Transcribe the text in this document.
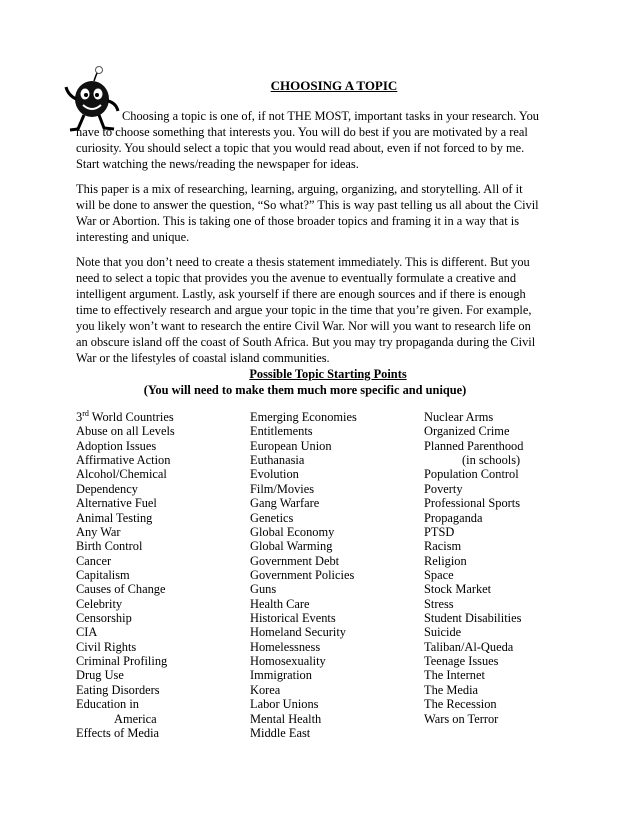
CHOOSING A TOPIC

Choosing a topic is one of, if not THE MOST, important tasks in your research. You have to choose something that interests you. You will do best if you are motivated by a real curiosity. You should select a topic that you would read about, even if not forced to by me. Start watching the news/reading the newspaper for ideas.

This paper is a mix of researching, learning, arguing, organizing, and storytelling. All of it will be done to answer the question, “So what?” This is way past telling us all about the Civil War or Abortion. This is taking one of those broader topics and framing it in a way that is interesting and unique.

Note that you don’t need to create a thesis statement immediately. This is different. But you need to select a topic that provides you the avenue to eventually formulate a creative and intelligent argument. Lastly, ask yourself if there are enough sources and if there is enough time to effectively research and argue your topic in the time that you’re given. For example, you likely won’t want to research the entire Civil War. Nor will you want to research life on an obscure island off the coast of South Africa. But you may try propaganda during the Civil War or the lifestyles of coastal island communities.

Possible Topic Starting Points
(You will need to make them much more specific and unique)
3rd World Countries
Abuse on all Levels
Adoption Issues
Affirmative Action
Alcohol/Chemical
Dependency
Alternative Fuel
Animal Testing
Any War
Birth Control
Cancer
Capitalism
Causes of Change
Celebrity
Censorship
CIA
Civil Rights
Criminal Profiling
Drug Use
Eating Disorders
Education in
America
Effects of Media
Emerging Economies
Entitlements
European Union
Euthanasia
Evolution
Film/Movies
Gang Warfare
Genetics
Global Economy
Global Warming
Government Debt
Government Policies
Guns
Health Care
Historical Events
Homeland Security
Homelessness
Homosexuality
Immigration
Korea
Labor Unions
Mental Health
Middle East
Nuclear Arms
Organized Crime
Planned Parenthood
(in schools)
Population Control
Poverty
Professional Sports
Propaganda
PTSD
Racism
Religion
Space
Stock Market
Stress
Student Disabilities
Suicide
Taliban/Al-Queda
Teenage Issues
The Internet
The Media
The Recession
Wars on Terror
